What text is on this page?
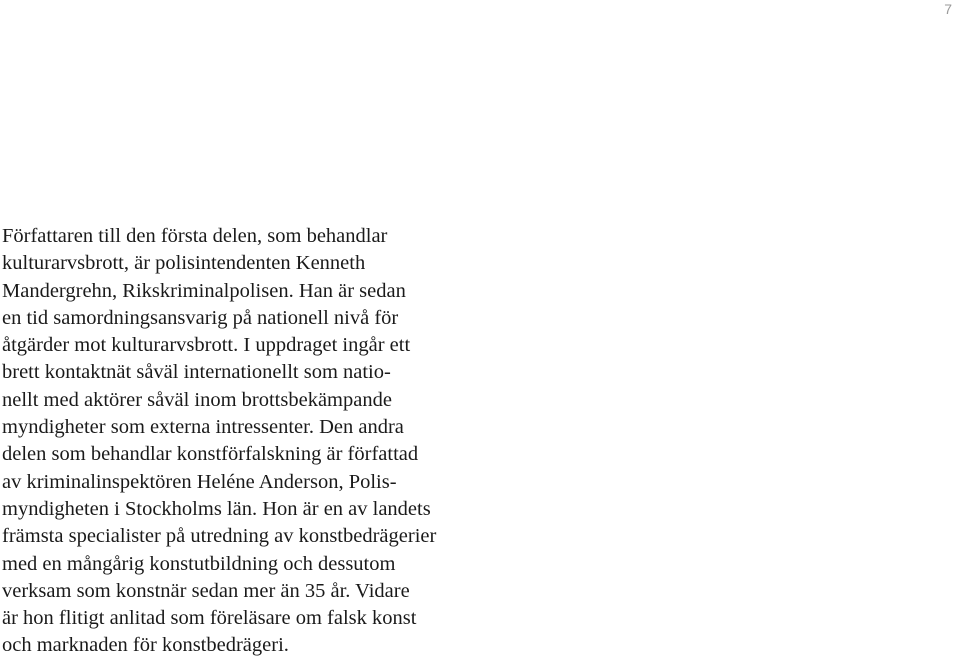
7

Författaren till den första delen, som behandlar
kulturarvsbrott, är polisintendenten Kenneth
Mandergrehn, Rikskriminalpolisen. Han är sedan
en tid samordningsansvarig på nationell nivå för
åtgärder mot kulturarvsbrott. I uppdraget ingår ett
brett kontaktnät såväl internationellt som natio-
nellt med aktörer såväl inom brottsbekämpande
myndigheter som externa intressenter. Den andra
delen som behandlar konstförfalskning är författad
av kriminalinspektören Heléne Anderson, Polis-
myndigheten i Stockholms län. Hon är en av landets
främsta specialister på utredning av konstbedrägerier
med en mångårig konstutbildning och dessutom
verksam som konstnär sedan mer än 35 år. Vidare
är hon flitigt anlitad som föreläsare om falsk konst
och marknaden för konstbedrägeri.
